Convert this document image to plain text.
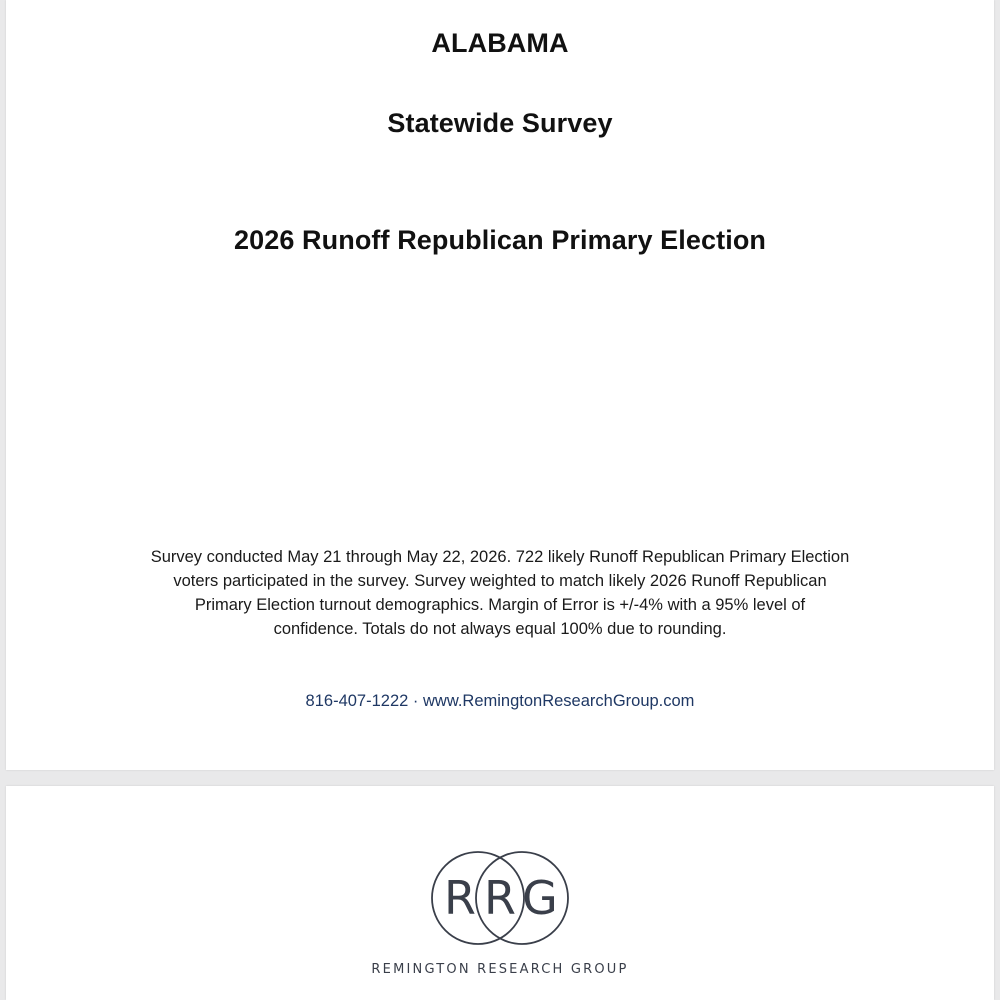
ALABAMA
Statewide Survey
2026 Runoff Republican Primary Election

Survey conducted May 21 through May 22, 2026. 722 likely Runoff Republican Primary Election
voters participated in the survey. Survey weighted to match likely 2026 Runoff Republican
Primary Election turnout demographics. Margin of Error is +/-4% with a 95% level of
confidence. Totals do not always equal 100% due to rounding.

816-407-1222 · www.RemingtonResearchGroup.com
R R G
REMINGTON RESEARCH GROUP
